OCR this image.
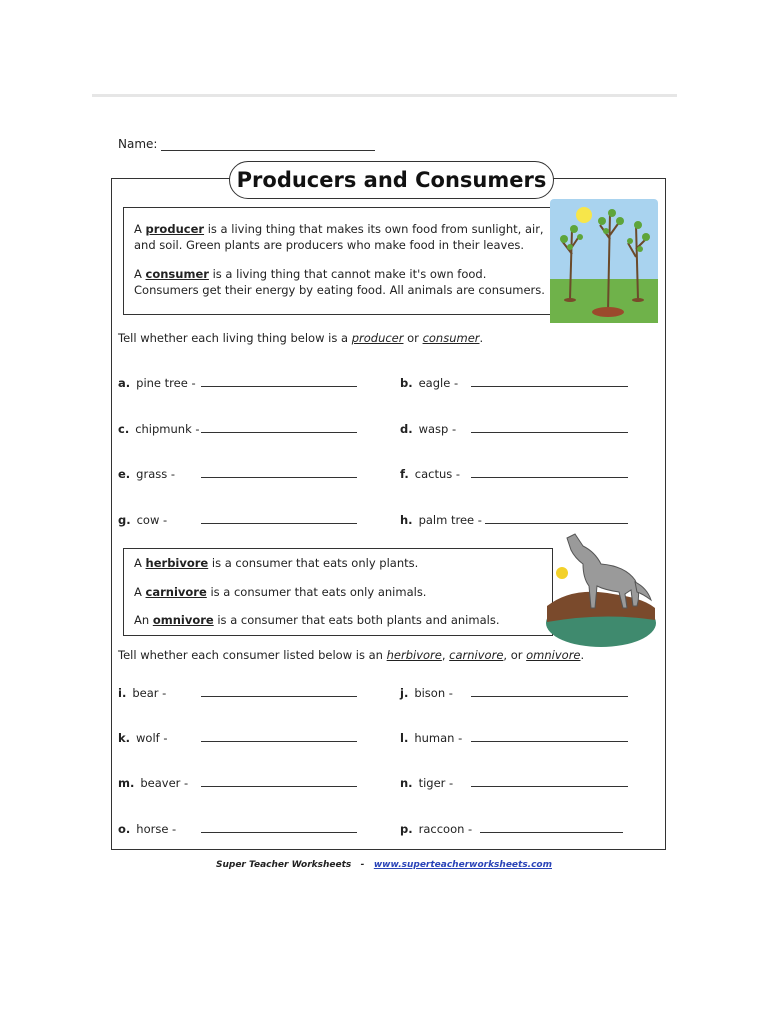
Name:
Producers and Consumers

A producer is a living thing that makes its own food from sunlight, air, and soil. Green plants are producers who make food in their leaves.

A consumer is a living thing that cannot make it's own food. Consumers get their energy by eating food. All animals are consumers.

Tell whether each living thing below is a producer or consumer.
a. pine tree -	b. eagle -
c. chipmunk -	d. wasp -
e. grass -	f. cactus -
g. cow -	h. palm tree -

A herbivore is a consumer that eats only plants.

A carnivore is a consumer that eats only animals.

An omnivore is a consumer that eats both plants and animals.

Tell whether each consumer listed below is an herbivore, carnivore, or omnivore.
i. bear -	j. bison -
k. wolf -	l. human -
m. beaver -	n. tiger -
o. horse -	p. raccoon -
Super Teacher Worksheets - www.superteacherworksheets.com
